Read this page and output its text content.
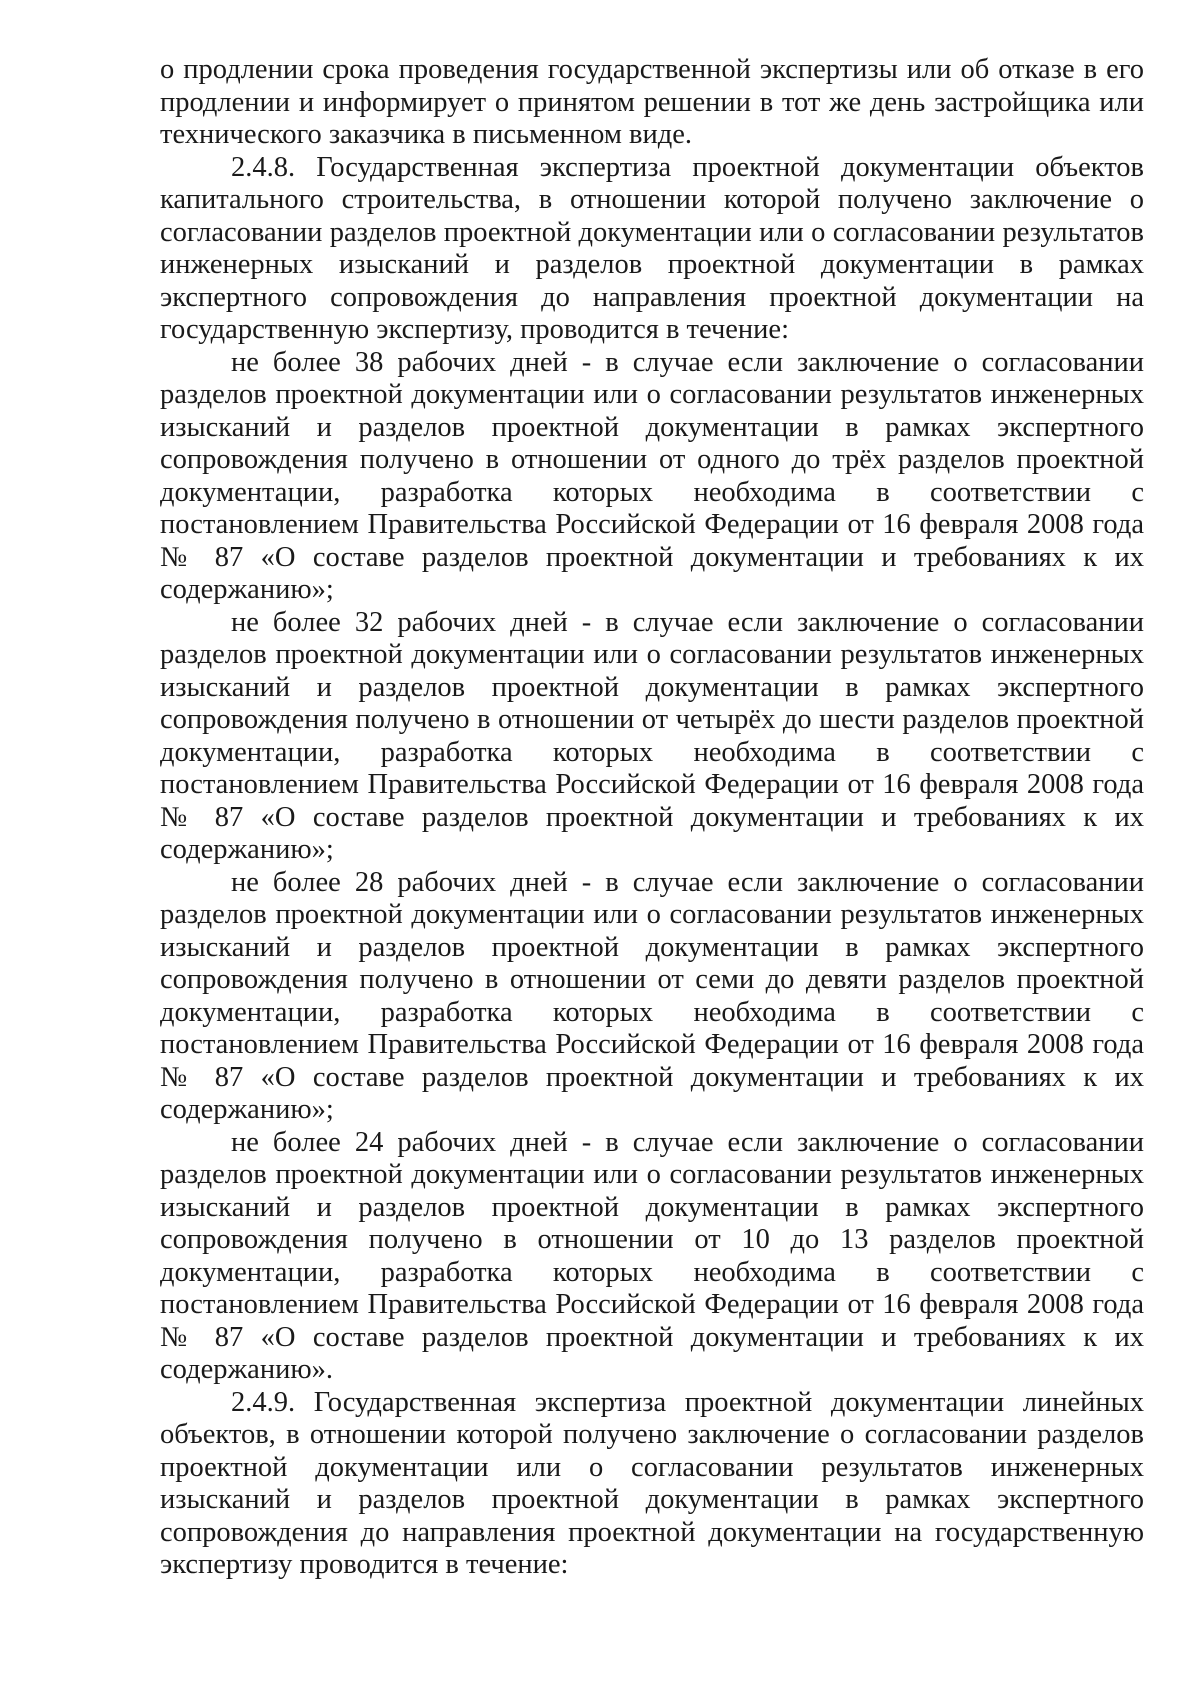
о продлении срока проведения государственной экспертизы или об отказе в его продлении и информирует о принятом решении в тот же день застройщика или технического заказчика в письменном виде.

2.4.8. Государственная экспертиза проектной документации объектов капитального строительства, в отношении которой получено заключение о согласовании разделов проектной документации или о согласовании результатов инженерных изысканий и разделов проектной документации в рамках экспертного сопровождения до направления проектной документации на государственную экспертизу, проводится в течение:

не более 38 рабочих дней - в случае если заключение о согласовании разделов проектной документации или о согласовании результатов инженерных изысканий и разделов проектной документации в рамках экспертного сопровождения получено в отношении от одного до трёх разделов проектной документации, разработка которых необходима в соответствии с постановлением Правительства Российской Федерации от 16 февраля 2008 года № 87 «О составе разделов проектной документации и требованиях к их содержанию»;

не более 32 рабочих дней - в случае если заключение о согласовании разделов проектной документации или о согласовании результатов инженерных изысканий и разделов проектной документации в рамках экспертного сопровождения получено в отношении от четырёх до шести разделов проектной документации, разработка которых необходима в соответствии с постановлением Правительства Российской Федерации от 16 февраля 2008 года № 87 «О составе разделов проектной документации и требованиях к их содержанию»;

не более 28 рабочих дней - в случае если заключение о согласовании разделов проектной документации или о согласовании результатов инженерных изысканий и разделов проектной документации в рамках экспертного сопровождения получено в отношении от семи до девяти разделов проектной документации, разработка которых необходима в соответствии с постановлением Правительства Российской Федерации от 16 февраля 2008 года № 87 «О составе разделов проектной документации и требованиях к их содержанию»;

не более 24 рабочих дней - в случае если заключение о согласовании разделов проектной документации или о согласовании результатов инженерных изысканий и разделов проектной документации в рамках экспертного сопровождения получено в отношении от 10 до 13 разделов проектной документации, разработка которых необходима в соответствии с постановлением Правительства Российской Федерации от 16 февраля 2008 года № 87 «О составе разделов проектной документации и требованиях к их содержанию».

2.4.9. Государственная экспертиза проектной документации линейных объектов, в отношении которой получено заключение о согласовании разделов проектной документации или о согласовании результатов инженерных изысканий и разделов проектной документации в рамках экспертного сопровождения до направления проектной документации на государственную экспертизу проводится в течение:
